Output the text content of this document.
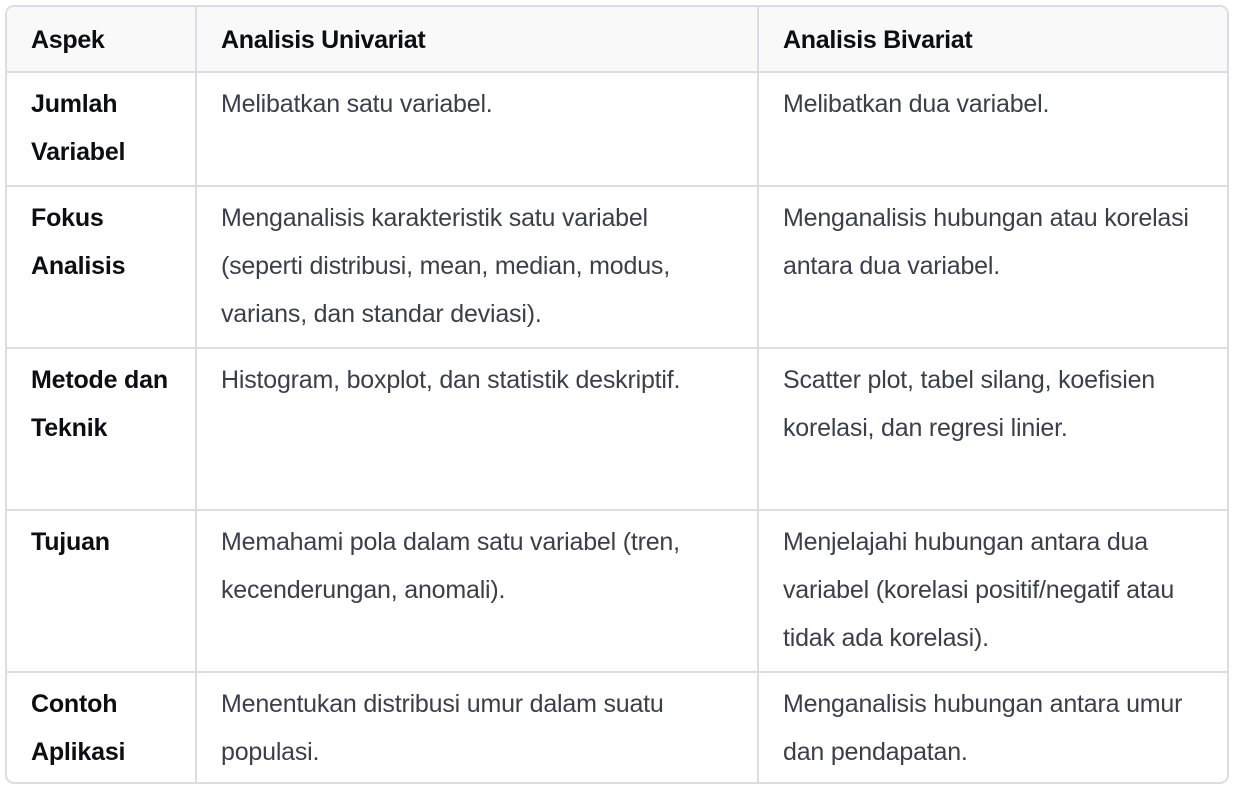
Aspek	Analisis Univariat	Analisis Bivariat
Jumlah Variabel	Melibatkan satu variabel.	Melibatkan dua variabel.
Fokus Analisis	Menganalisis karakteristik satu variabel (seperti distribusi, mean, median, modus, varians, dan standar deviasi).	Menganalisis hubungan atau korelasi antara dua variabel.
Metode dan Teknik	Histogram, boxplot, dan statistik deskriptif.	Scatter plot, tabel silang, koefisien korelasi, dan regresi linier.
Tujuan	Memahami pola dalam satu variabel (tren, kecenderungan, anomali).	Menjelajahi hubungan antara dua variabel (korelasi positif/negatif atau tidak ada korelasi).
Contoh Aplikasi	Menentukan distribusi umur dalam suatu populasi.	Menganalisis hubungan antara umur dan pendapatan.
